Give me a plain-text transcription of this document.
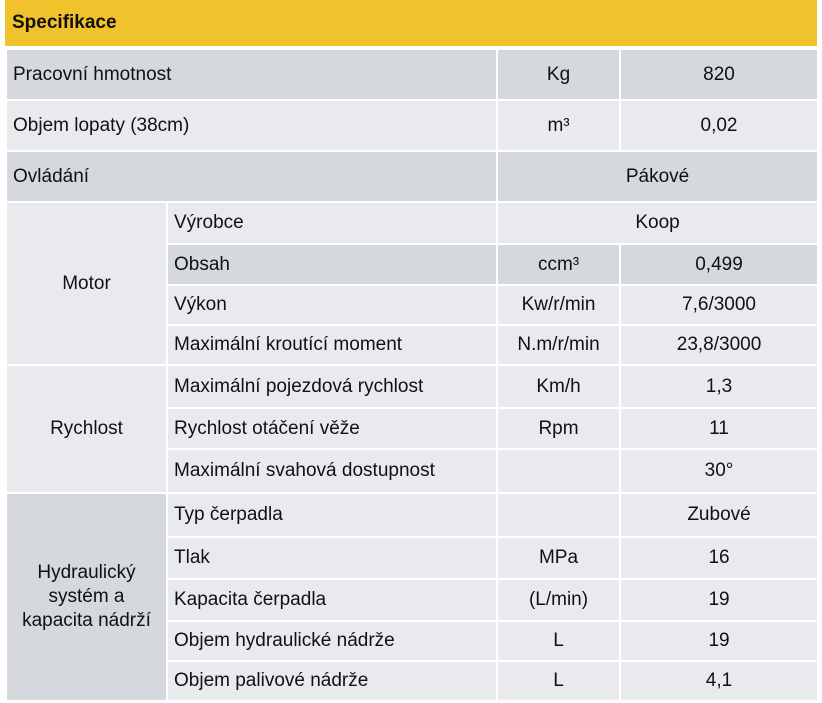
Specifikace
Pracovní hmotnost		Kg	820
Objem lopaty (38cm)		m³	0,02
Ovládání		Pákové	
Motor	Výrobce	Koop	
	Obsah	ccm³	0,499
	Výkon	Kw/r/min	7,6/3000
	Maximální kroutící moment	N.m/r/min	23,8/3000
Rychlost	Maximální pojezdová rychlost	Km/h	1,3
	Rychlost otáčení věže	Rpm	11
	Maximální svahová dostupnost		30°
Hydraulický
systém a
kapacita nádrží	Typ čerpadla		Zubové
	Tlak	MPa	16
	Kapacita čerpadla	(L/min)	19
	Objem hydraulické nádrže	L	19
	Objem palivové nádrže	L	4,1
